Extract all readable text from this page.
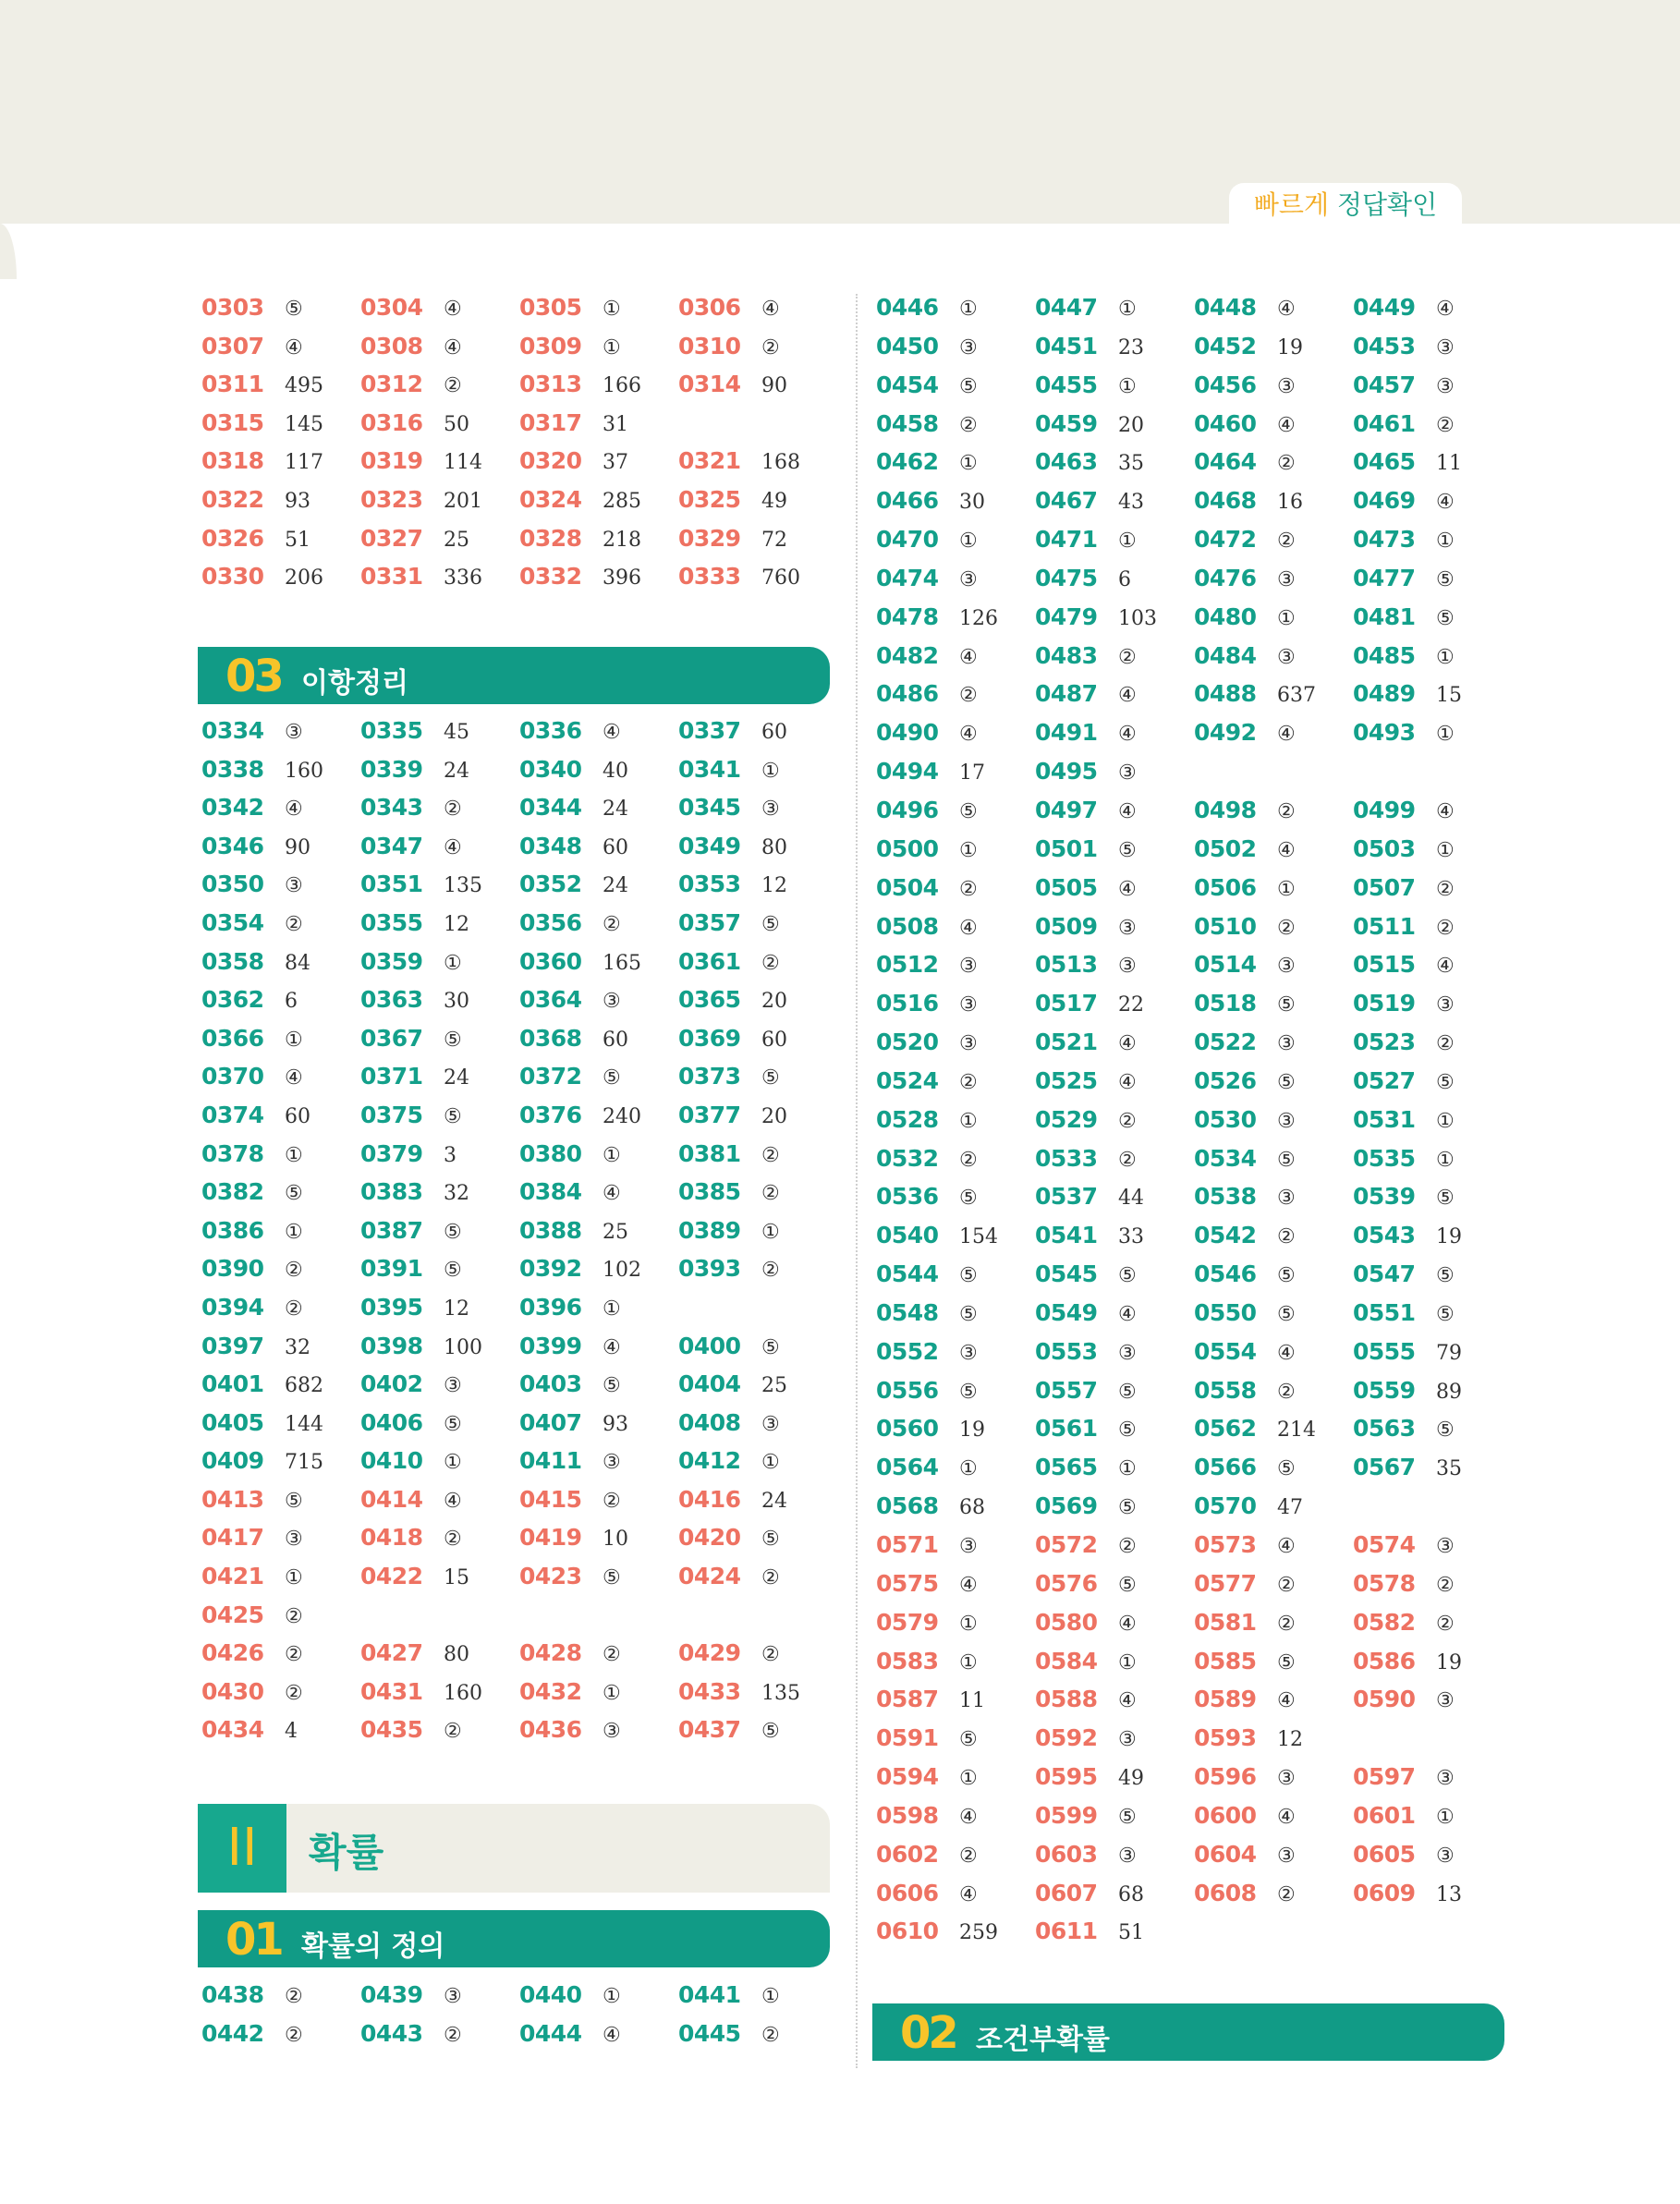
빠르게 정답확인
0303 ⑤ 0304 ④ 0305 ① 0306 ④
0307 ④ 0308 ④ 0309 ① 0310 ②
0311 495 0312 ② 0313 166 0314 90
0315 145 0316 50 0317 31
0318 117 0319 114 0320 37 0321 168
0322 93 0323 201 0324 285 0325 49
0326 51 0327 25 0328 218 0329 72
0330 206 0331 336 0332 396 0333 760
03 이항정리
0334 ③ 0335 45 0336 ④ 0337 60
0338 160 0339 24 0340 40 0341 ①
0342 ④ 0343 ② 0344 24 0345 ③
0346 90 0347 ④ 0348 60 0349 80
0350 ③ 0351 135 0352 24 0353 12
0354 ② 0355 12 0356 ② 0357 ⑤
0358 84 0359 ① 0360 165 0361 ②
0362 6	0363 30 0364 ③ 0365 20
0366 ① 0367 ⑤ 0368 60 0369 60
0370 ④ 0371 24 0372 ⑤ 0373 ⑤
0374 60 0375 ⑤ 0376 240 0377 20
0378 ① 0379 3	0380 ① 0381 ②
0382 ⑤ 0383 32 0384 ④ 0385 ②
0386 ① 0387 ⑤ 0388 25 0389 ①
0390 ② 0391 ⑤ 0392 102 0393 ②
0394 ② 0395 12 0396 ①
0397 32 0398 100 0399 ④ 0400 ⑤
0401 682 0402 ③ 0403 ⑤ 0404 25
0405 144 0406 ⑤ 0407 93 0408 ③
0409 715 0410 ① 0411 ③ 0412 ①
0413 ⑤ 0414 ④ 0415 ② 0416 24
0417 ③ 0418 ② 0419 10 0420 ⑤
0421 ① 0422 15 0423 ⑤ 0424 ②
0425 ②
0426 ② 0427 80 0428 ② 0429 ②
0430 ② 0431 160 0432 ① 0433 135
0434 4	0435 ② 0436 ③ 0437 ⑤
II	확률
01 확률의 정의
0438 ② 0439 ③ 0440 ① 0441 ①
0442 ② 0443 ② 0444 ④ 0445 ②
0446 ① 0447 ① 0448 ④ 0449 ④
0450 ③ 0451 23 0452 19 0453 ③
0454 ⑤ 0455 ① 0456 ③ 0457 ③
0458 ② 0459 20 0460 ④ 0461 ②
0462 ① 0463 35 0464 ② 0465 11
0466 30 0467 43 0468 16 0469 ④
0470 ① 0471 ① 0472 ② 0473 ①
0474 ③ 0475 6	0476 ③ 0477 ⑤
0478 126 0479 103 0480 ① 0481 ⑤
0482 ④ 0483 ② 0484 ③ 0485 ①
0486 ② 0487 ④ 0488 637 0489 15
0490 ④ 0491 ④ 0492 ④ 0493 ①
0494 17 0495 ③
0496 ⑤ 0497 ④ 0498 ② 0499 ④
0500 ① 0501 ⑤ 0502 ④ 0503 ①
0504 ② 0505 ④ 0506 ① 0507 ②
0508 ④ 0509 ③ 0510 ② 0511 ②
0512 ③ 0513 ③ 0514 ③ 0515 ④
0516 ③ 0517 22 0518 ⑤ 0519 ③
0520 ③ 0521 ④ 0522 ③ 0523 ②
0524 ② 0525 ④ 0526 ⑤ 0527 ⑤
0528 ① 0529 ② 0530 ③ 0531 ①
0532 ② 0533 ② 0534 ⑤ 0535 ①
0536 ⑤ 0537 44 0538 ③ 0539 ⑤
0540 154 0541 33 0542 ② 0543 19
0544 ⑤ 0545 ⑤ 0546 ⑤ 0547 ⑤
0548 ⑤ 0549 ④ 0550 ⑤ 0551 ⑤
0552 ③ 0553 ③ 0554 ④ 0555 79
0556 ⑤ 0557 ⑤ 0558 ② 0559 89
0560 19 0561 ⑤ 0562 214 0563 ⑤
0564 ① 0565 ① 0566 ⑤ 0567 35
0568 68 0569 ⑤ 0570 47
0571 ③ 0572 ② 0573 ④ 0574 ③
0575 ④ 0576 ⑤ 0577 ② 0578 ②
0579 ① 0580 ④ 0581 ② 0582 ②
0583 ① 0584 ① 0585 ⑤ 0586 19
0587 11 0588 ④ 0589 ④ 0590 ③
0591 ⑤ 0592 ③ 0593 12
0594 ① 0595 49 0596 ③ 0597 ③
0598 ④ 0599 ⑤ 0600 ④ 0601 ①
0602 ② 0603 ③ 0604 ③ 0605 ③
0606 ④ 0607 68 0608 ② 0609 13
0610 259 0611 51
02 조건부확률
